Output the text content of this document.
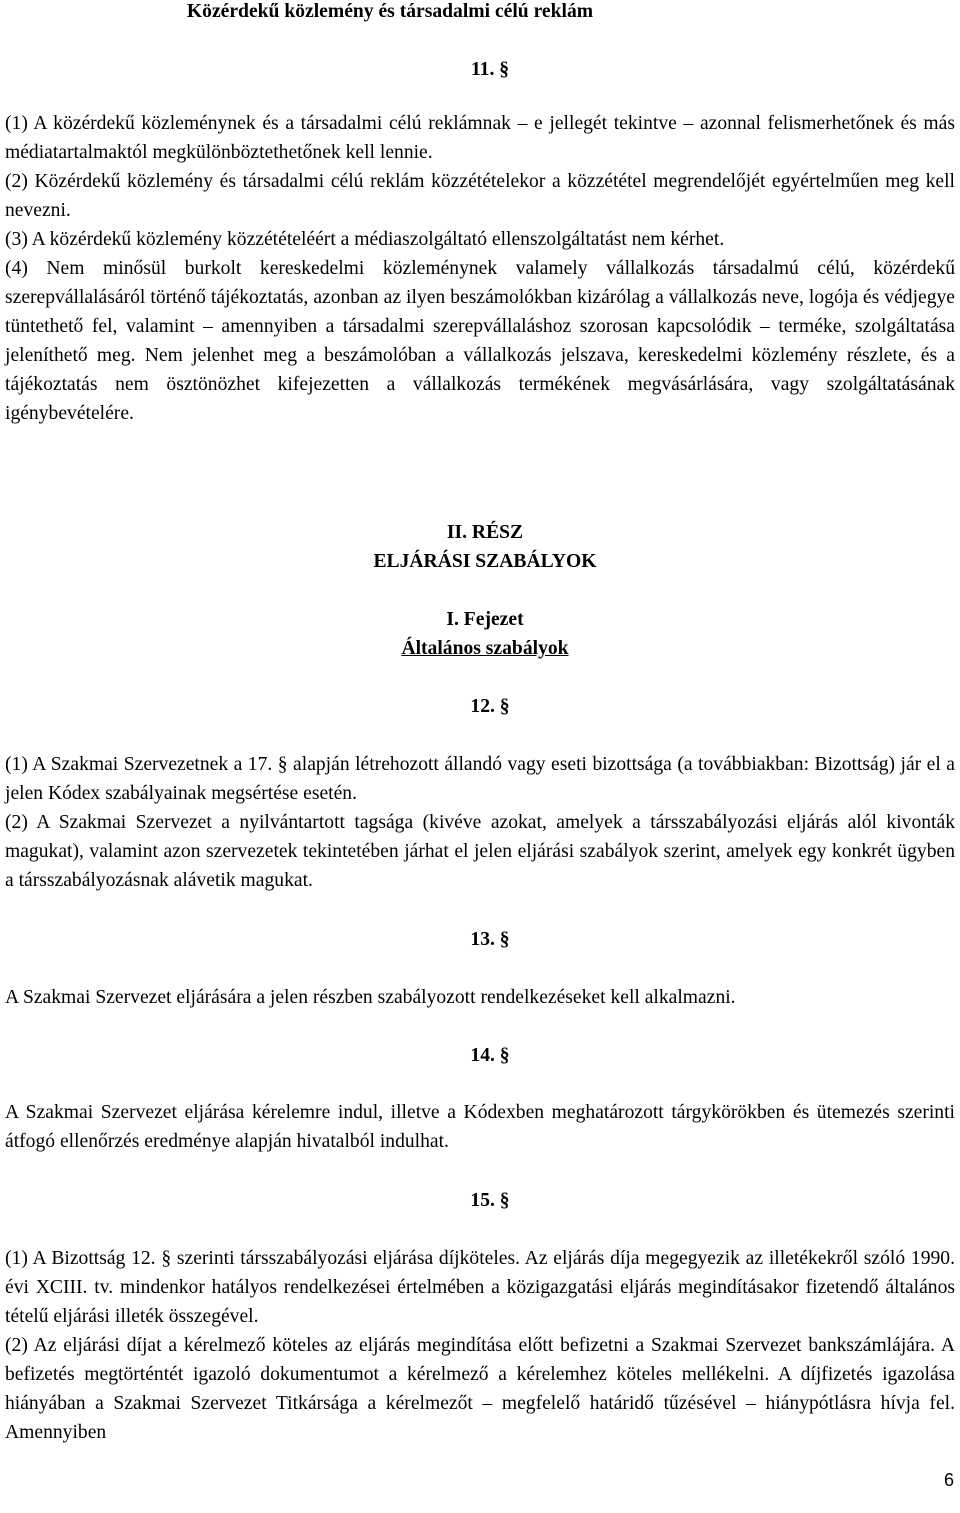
Közérdekű közlemény és társadalmi célú reklám
11. §

(1) A közérdekű közleménynek és a társadalmi célú reklámnak – e jellegét tekintve – azonnal felismerhetőnek és más médiatartalmaktól megkülönböztethetőnek kell lennie.

(2) Közérdekű közlemény és társadalmi célú reklám közzétételekor a közzététel megrendelőjét egyértelműen meg kell nevezni.

(3) A közérdekű közlemény közzétételéért a médiaszolgáltató ellenszolgáltatást nem kérhet.

(4) Nem minősül burkolt kereskedelmi közleménynek valamely vállalkozás társadalmú célú, közérdekű szerepvállalásáról történő tájékoztatás, azonban az ilyen beszámolókban kizárólag a vállalkozás neve, logója és védjegye tüntethető fel, valamint – amennyiben a társadalmi szerepvállaláshoz szorosan kapcsolódik – terméke, szolgáltatása jeleníthető meg. Nem jelenhet meg a beszámolóban a vállalkozás jelszava, kereskedelmi közlemény részlete, és a tájékoztatás nem ösztönözhet kifejezetten a vállalkozás termékének megvásárlására, vagy szolgáltatásának igénybevételére.

II. RÉSZ
ELJÁRÁSI SZABÁLYOK
I. Fejezet
Általános szabályok
12. §

(1) A Szakmai Szervezetnek a 17. § alapján létrehozott állandó vagy eseti bizottsága (a továbbiakban: Bizottság) jár el a jelen Kódex szabályainak megsértése esetén.

(2) A Szakmai Szervezet a nyilvántartott tagsága (kivéve azokat, amelyek a társszabályozási eljárás alól kivonták magukat), valamint azon szervezetek tekintetében járhat el jelen eljárási szabályok szerint, amelyek egy konkrét ügyben a társszabályozásnak alávetik magukat.

13. §

A Szakmai Szervezet eljárására a jelen részben szabályozott rendelkezéseket kell alkalmazni.

14. §

A Szakmai Szervezet eljárása kérelemre indul, illetve a Kódexben meghatározott tárgykörökben és ütemezés szerinti átfogó ellenőrzés eredménye alapján hivatalból indulhat.

15. §

(1) A Bizottság 12. § szerinti társszabályozási eljárása díjköteles. Az eljárás díja megegyezik az illetékekről szóló 1990. évi XCIII. tv. mindenkor hatályos rendelkezései értelmében a közigazgatási eljárás megindításakor fizetendő általános tételű eljárási illeték összegével.

(2) Az eljárási díjat a kérelmező köteles az eljárás megindítása előtt befizetni a Szakmai Szervezet bankszámlájára. A befizetés megtörténtét igazoló dokumentumot a kérelmező a kérelemhez köteles mellékelni. A díjfizetés igazolása hiányában a Szakmai Szervezet Titkársága a kérelmezőt – megfelelő határidő tűzésével – hiánypótlásra hívja fel. Amennyiben

6
